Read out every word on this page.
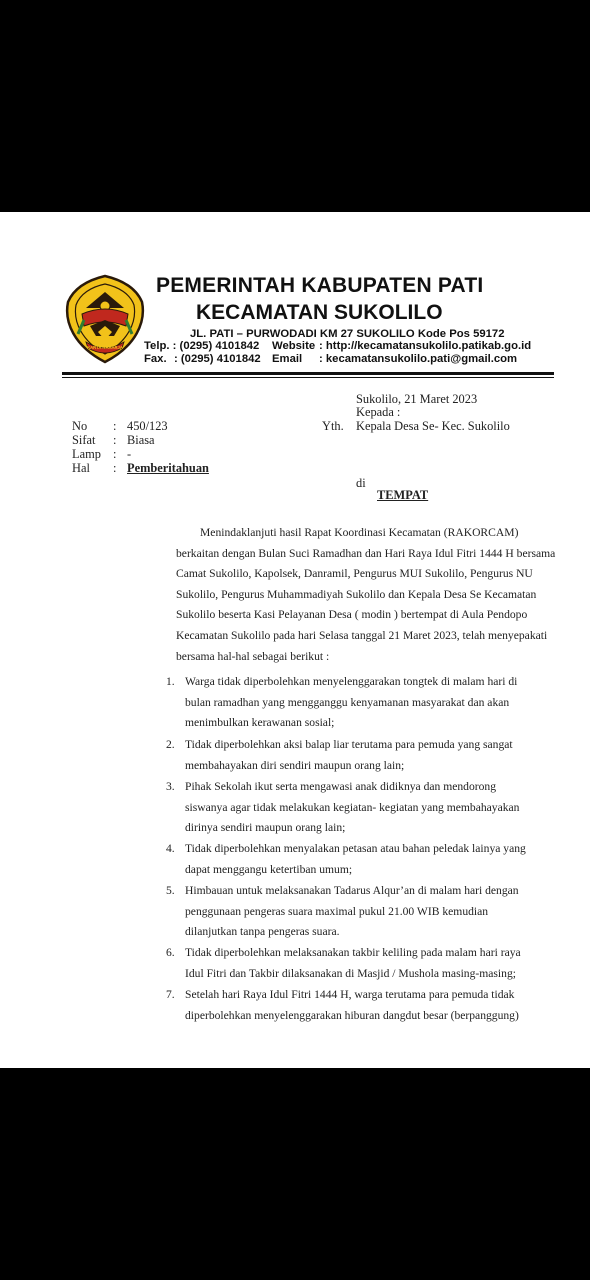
KARTA RAHARJA
PEMERINTAH KABUPATEN PATI
KECAMATAN SUKOLILO
JL. PATI – PURWODADI KM 27 SUKOLILO Kode Pos 59172
Telp. : (0295) 4101842 Website : http://kecamatansukolilo.patikab.go.id
Fax. : (0295) 4101842 Email : kecamatansukolilo.pati@gmail.com
Sukolilo, 21 Maret 2023
Kepada :
Yth. Kepala Desa Se- Kec. Sukolilo
di
TEMPAT
No : 450/123
Sifat : Biasa
Lamp : -
Hal : Pemberitahuan
Menindaklanjuti hasil Rapat Koordinasi Kecamatan (RAKORCAM)
berkaitan dengan Bulan Suci Ramadhan dan Hari Raya Idul Fitri 1444 H bersama
Camat Sukolilo, Kapolsek, Danramil, Pengurus MUI Sukolilo, Pengurus NU
Sukolilo, Pengurus Muhammadiyah Sukolilo dan Kepala Desa Se Kecamatan
Sukolilo beserta Kasi Pelayanan Desa ( modin ) bertempat di Aula Pendopo
Kecamatan Sukolilo pada hari Selasa tanggal 21 Maret 2023, telah menyepakati
bersama hal-hal sebagai berikut :
1. Warga tidak diperbolehkan menyelenggarakan tongtek di malam hari di
bulan ramadhan yang mengganggu kenyamanan masyarakat dan akan
menimbulkan kerawanan sosial;
2. Tidak diperbolehkan aksi balap liar terutama para pemuda yang sangat
membahayakan diri sendiri maupun orang lain;
3. Pihak Sekolah ikut serta mengawasi anak didiknya dan mendorong
siswanya agar tidak melakukan kegiatan- kegiatan yang membahayakan
dirinya sendiri maupun orang lain;
4. Tidak diperbolehkan menyalakan petasan atau bahan peledak lainya yang
dapat menggangu ketertiban umum;
5. Himbauan untuk melaksanakan Tadarus Alqur’an di malam hari dengan
penggunaan pengeras suara maximal pukul 21.00 WIB kemudian
dilanjutkan tanpa pengeras suara.
6. Tidak diperbolehkan melaksanakan takbir keliling pada malam hari raya
Idul Fitri dan Takbir dilaksanakan di Masjid / Mushola masing-masing;
7. Setelah hari Raya Idul Fitri 1444 H, warga terutama para pemuda tidak
diperbolehkan menyelenggarakan hiburan dangdut besar (berpanggung)
